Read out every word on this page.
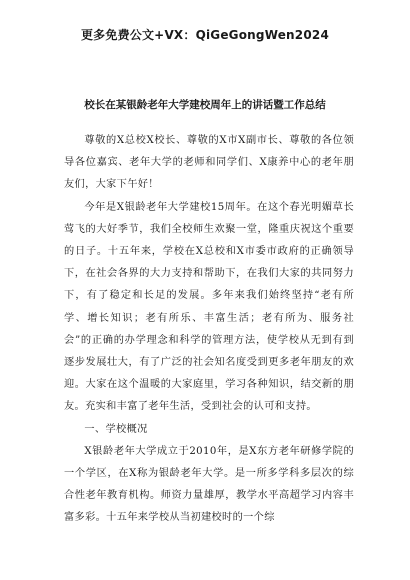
更多免费公文+VX：QiGeGongWen2024
校长在某银龄老年大学建校周年上的讲话暨工作总结

尊敬的X总校X校长、尊敬的X市X副市长、尊敬的各位领导各位嘉宾、老年大学的老师和同学们、X康养中心的老年朋友们，大家下午好！

今年是X银龄老年大学建校15周年。在这个春光明媚草长莺飞的大好季节，我们全校师生欢聚一堂，隆重庆祝这个重要的日子。十五年来，学校在X总校和X市委市政府的正确领导下，在社会各界的大力支持和帮助下，在我们大家的共同努力下，有了稳定和长足的发展。多年来我们始终坚持“老有所学、增长知识；老有所乐、丰富生活；老有所为、服务社会”的正确的办学理念和科学的管理方法，使学校从无到有到逐步发展壮大，有了广泛的社会知名度受到更多老年朋友的欢迎。大家在这个温暖的大家庭里，学习各种知识，结交新的朋友。充实和丰富了老年生活，受到社会的认可和支持。

一、学校概况

X银龄老年大学成立于2010年，是X东方老年研修学院的一个学区，在X称为银龄老年大学。是一所多学科多层次的综合性老年教育机构。师资力量雄厚，教学水平高超学习内容丰富多彩。十五年来学校从当初建校时的一个综
